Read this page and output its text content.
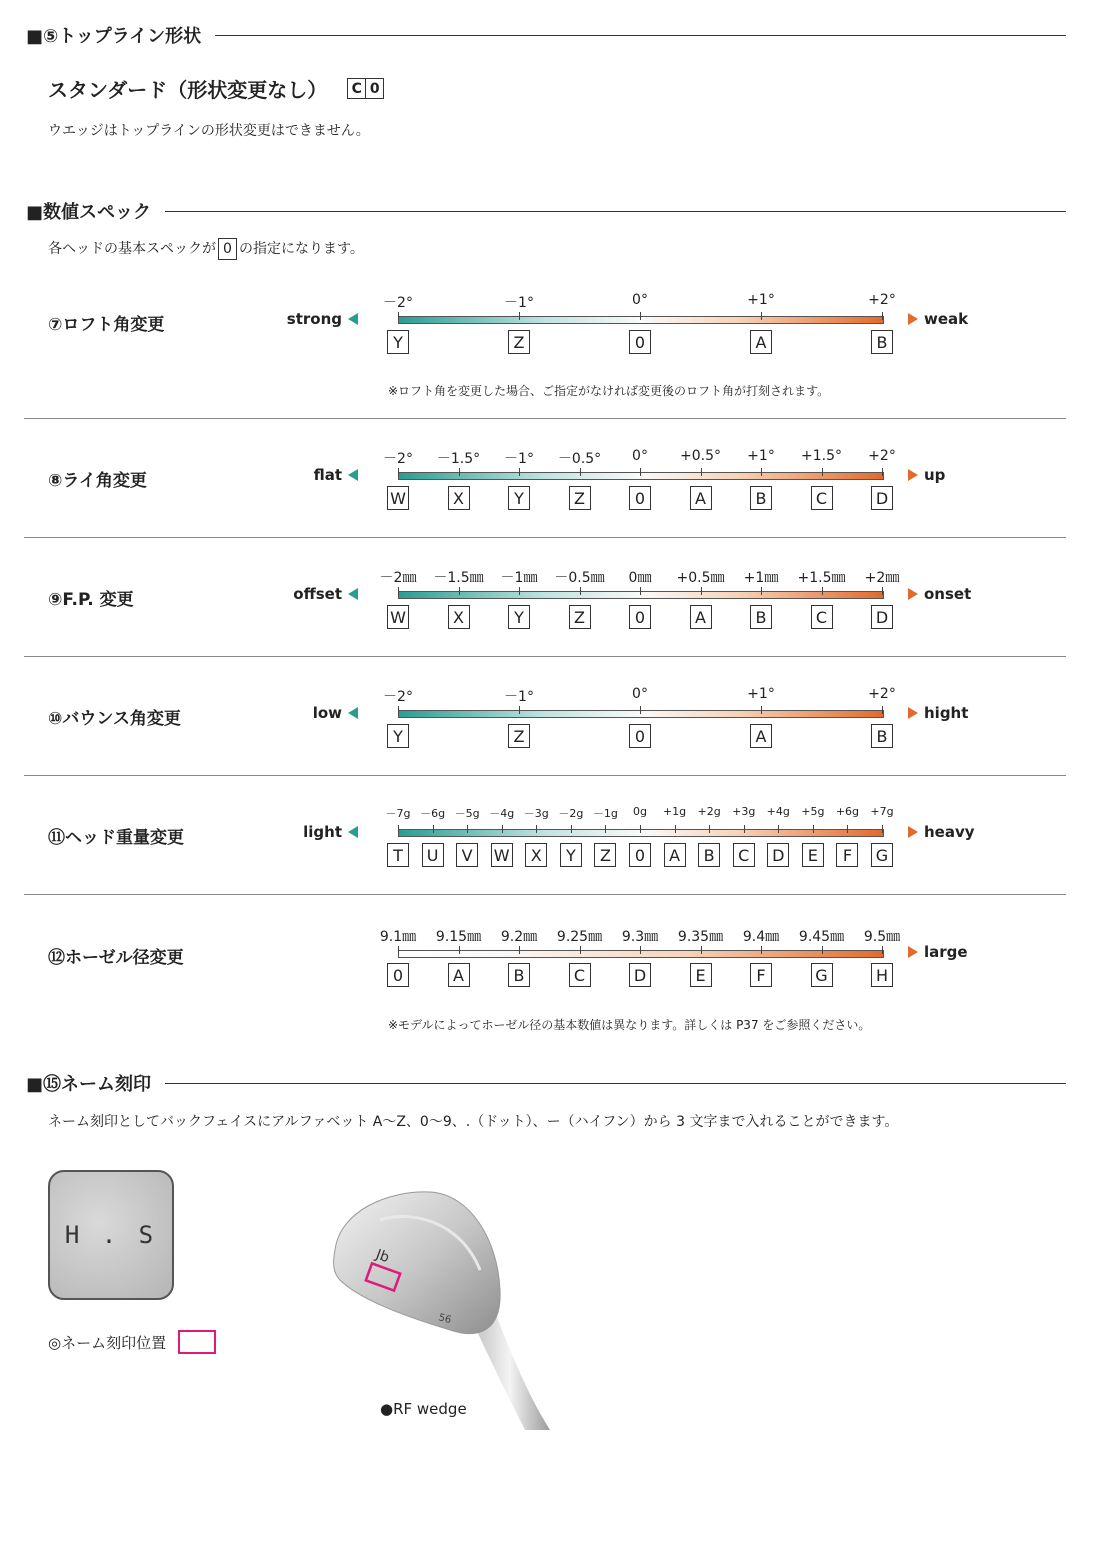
■⑤トップライン形状
スタンダード（形状変更なし）	C 0
ウエッジはトップラインの形状変更はできません。
■数値スペック
各ヘッドの基本スペックが 0 の指定になります。
⑦ロフト角変更	strong	weak
－2°	－1°	0°	+1°	+2°
Y	Z	0	A	B
※ロフト角を変更した場合、ご指定がなければ変更後のロフト角が打刻されます。
⑧ライ角変更	flat	up
－2° －1.5° －1° －0.5° 0° +0.5° +1° +1.5° +2°
W	X	Y	Z	0	A	B	C	D
⑨F.P. 変更	offset	onset
－2㎜ －1.5㎜ －1㎜ －0.5㎜ 0㎜ +0.5㎜ +1㎜ +1.5㎜ +2㎜
W	X	Y	Z	0	A	B	C	D
⑩バウンス角変更	low	hight
－2°	－1°	0°	+1°	+2°
Y	Z	0	A	B
⑪ヘッド重量変更	light	heavy
－7g －6g －5g －4g －3g －2g －1g 0g +1g +2g +3g +4g +5g +6g +7g
T	U	V	W	X	Y	Z	0	A	B	C	D	E	F	G
⑫ホーゼル径変更	large
9.1㎜ 9.15㎜ 9.2㎜ 9.25㎜ 9.3㎜ 9.35㎜ 9.4㎜ 9.45㎜ 9.5㎜
0	A	B	C	D	E	F	G	H
※モデルによってホーゼル径の基本数値は異なります。詳しくは P37 をご参照ください。
■⑮ネーム刻印
ネーム刻印としてバックフェイスにアルファベット A〜Z、0〜9、.（ドット）、ー（ハイフン）から 3 文字まで入れることができます。
H . S
◎ネーム刻印位置
Jb
56
●RF wedge
